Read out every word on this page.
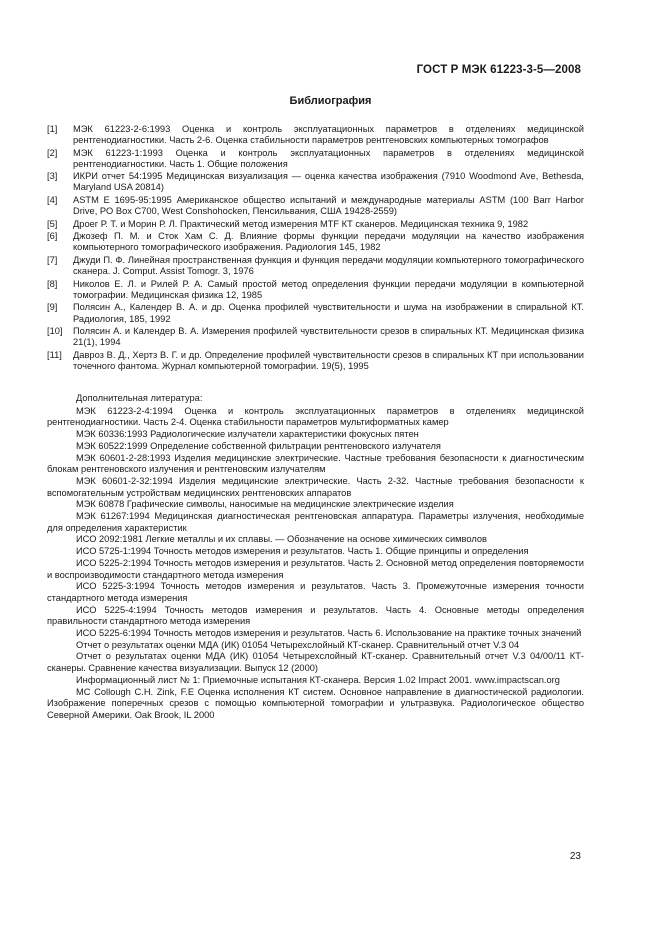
ГОСТ Р МЭК 61223-3-5—2008
Библиография
[1]	МЭК 61223-2-6:1993 Оценка и контроль эксплуатационных параметров в отделениях медицинской рентгенодиагностики. Часть 2-6. Оценка стабильности параметров рентгеновских компьютерных томографов
[2]	МЭК 61223-1:1993 Оценка и контроль эксплуатационных параметров в отделениях медицинской рентгенодиагностики. Часть 1. Общие положения
[3]	ИКРИ отчет 54:1995 Медицинская визуализация — оценка качества изображения (7910 Woodmond Ave, Bethesda, Maryland USA 20814)
[4]	ASTM E 1695-95:1995 Американское общество испытаний и международные материалы ASTM (100 Barr Harbor Drive, PO Box C700, West Conshohocken, Пенсильвания, США 19428-2559)
[5]	Дроег Р. Т. и Морин Р. Л. Практический метод измерения MTF КТ сканеров. Медицинская техника 9, 1982
[6]	Джозеф П. М. и Сток Хам С. Д. Влияние формы функции передачи модуляции на качество изображения компьютерного томографического изображения. Радиология 145, 1982
[7]	Джуди П. Ф. Линейная пространственная функция и функция передачи модуляции компьютерного томографического сканера. J. Comput. Assist Tomogr. 3, 1976
[8]	Николов Е. Л. и Рилей Р. А. Самый простой метод определения функции передачи модуляции в компьютерной томографии. Медицинская физика 12, 1985
[9]	Полясин А., Календер В. А. и др. Оценка профилей чувствительности и шума на изображении в спиральной КТ. Радиология, 185, 1992
[10]	Полясин А. и Календер В. А. Измерения профилей чувствительности срезов в спиральных КТ. Медицинская физика 21(1), 1994
[11]	Давроз В. Д., Хертз В. Г. и др. Определение профилей чувствительности срезов в спиральных КТ при использовании точечного фантома. Журнал компьютерной томографии. 19(5), 1995

Дополнительная литература:

МЭК 61223-2-4:1994 Оценка и контроль эксплуатационных параметров в отделениях медицинской рентгенодиагностики. Часть 2-4. Оценка стабильности параметров мультиформатных камер

МЭК 60336:1993 Радиологические излучатели характеристики фокусных пятен

МЭК 60522:1999 Определение собственной фильтрации рентгеновского излучателя

МЭК 60601-2-28:1993 Изделия медицинские электрические. Частные требования безопасности к диагностическим блокам рентгеновского излучения и рентгеновским излучателям

МЭК 60601-2-32:1994 Изделия медицинские электрические. Часть 2-32. Частные требования безопасности к вспомогательным устройствам медицинских рентгеновских аппаратов

МЭК 60878 Графические символы, наносимые на медицинские электрические изделия

МЭК 61267:1994 Медицинская диагностическая рентгеновская аппаратура. Параметры излучения, необходимые для определения характеристик

ИСО 2092:1981 Легкие металлы и их сплавы. — Обозначение на основе химических символов

ИСО 5725-1:1994 Точность методов измерения и результатов. Часть 1. Общие принципы и определения

ИСО 5225-2:1994 Точность методов измерения и результатов. Часть 2. Основной метод определения повторяемости и воспроизводимости стандартного метода измерения

ИСО 5225-3:1994 Точность методов измерения и результатов. Часть 3. Промежуточные измерения точности стандартного метода измерения

ИСО 5225-4:1994 Точность методов измерения и результатов. Часть 4. Основные методы определения правильности стандартного метода измерения

ИСО 5225-6:1994 Точность методов измерения и результатов. Часть 6. Использование на практике точных значений

Отчет о результатах оценки МДА (ИК) 01054 Четырехслойный КТ-сканер. Сравнительный отчет V.3 04

Отчет о результатах оценки МДА (ИК) 01054 Четырехслойный КТ-сканер. Сравнительный отчет V.3 04/00/11 КТ-сканеры. Сравнение качества визуализации. Выпуск 12 (2000)

Информационный лист № 1: Приемочные испытания КТ-сканера. Версия 1.02 Impact 2001. www.impactscan.org

MC Collough C.H. Zink, F.E Оценка исполнения КТ систем. Основное направление в диагностической радиологии. Изображение поперечных срезов с помощью компьютерной томографии и ультразвука. Радиологическое общество Северной Америки. Oak Brook, IL 2000

23
